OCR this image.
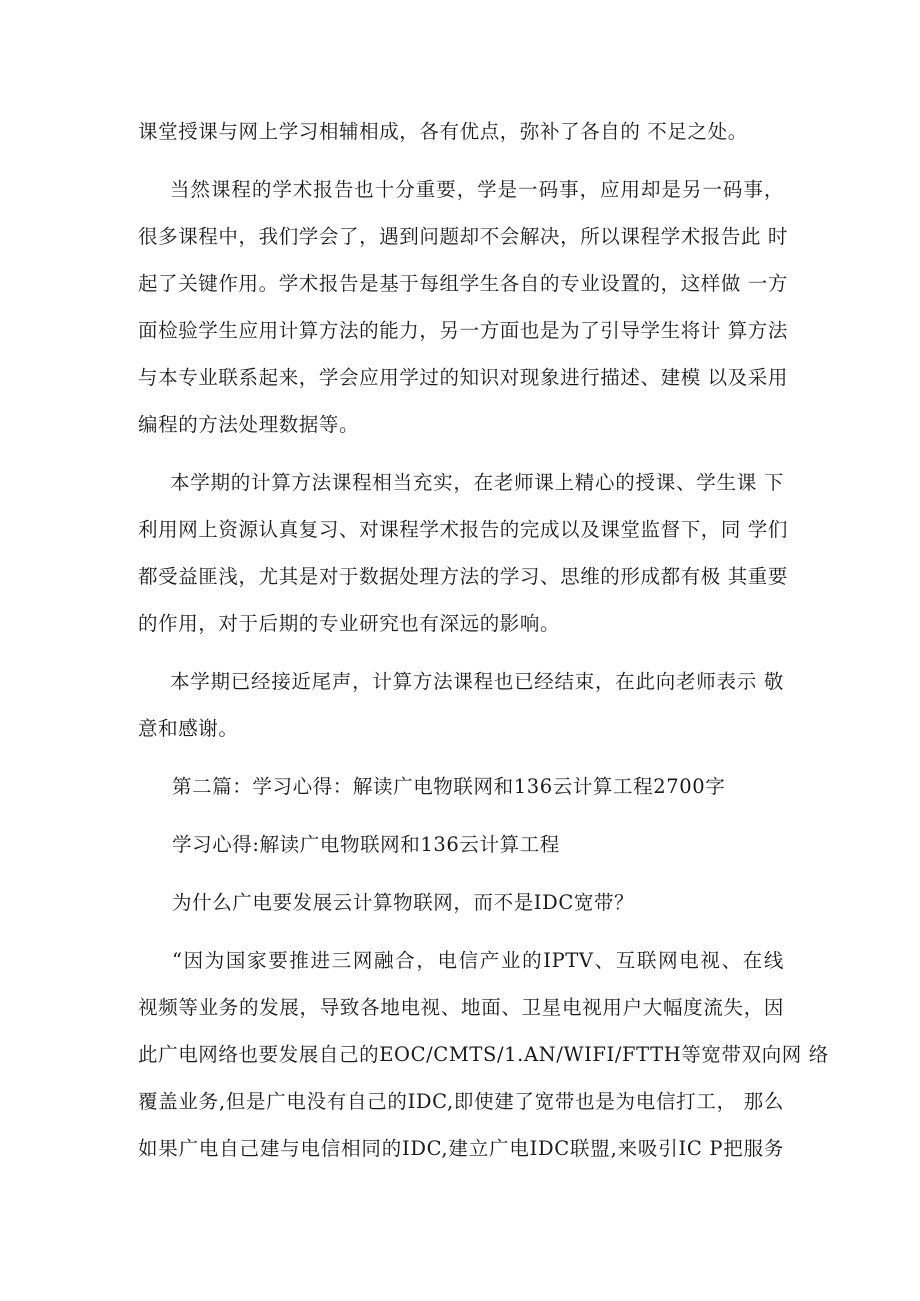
课堂授课与网上学习相辅相成，各有优点，弥补了各自的 不足之处。
当然课程的学术报告也十分重要，学是一码事，应用却是另一码事，
很多课程中，我们学会了，遇到问题却不会解决，所以课程学术报告此 时
起了关键作用。学术报告是基于每组学生各自的专业设置的，这样做 一方
面检验学生应用计算方法的能力，另一方面也是为了引导学生将计 算方法
与本专业联系起来，学会应用学过的知识对现象进行描述、建模 以及采用
编程的方法处理数据等。
本学期的计算方法课程相当充实，在老师课上精心的授课、学生课 下
利用网上资源认真复习、对课程学术报告的完成以及课堂监督下，同 学们
都受益匪浅，尤其是对于数据处理方法的学习、思维的形成都有极 其重要
的作用，对于后期的专业研究也有深远的影响。
本学期已经接近尾声，计算方法课程也已经结束，在此向老师表示 敬
意和感谢。
第二篇：学习心得：解读广电物联网和136云计算工程2700字
学习心得:解读广电物联网和136云计算工程
为什么广电要发展云计算物联网，而不是IDC宽带？
“因为国家要推进三网融合，电信产业的IPTV、互联网电视、在线
视频等业务的发展，导致各地电视、地面、卫星电视用户大幅度流失，因
此广电网络也要发展自己的EOC/CMTS/1.AN/WIFI/FTTH等宽带双向网 络
覆盖业务,但是广电没有自己的IDC,即使建了宽带也是为电信打工， 那么
如果广电自己建与电信相同的IDC,建立广电IDC联盟,来吸引IC P把服务
